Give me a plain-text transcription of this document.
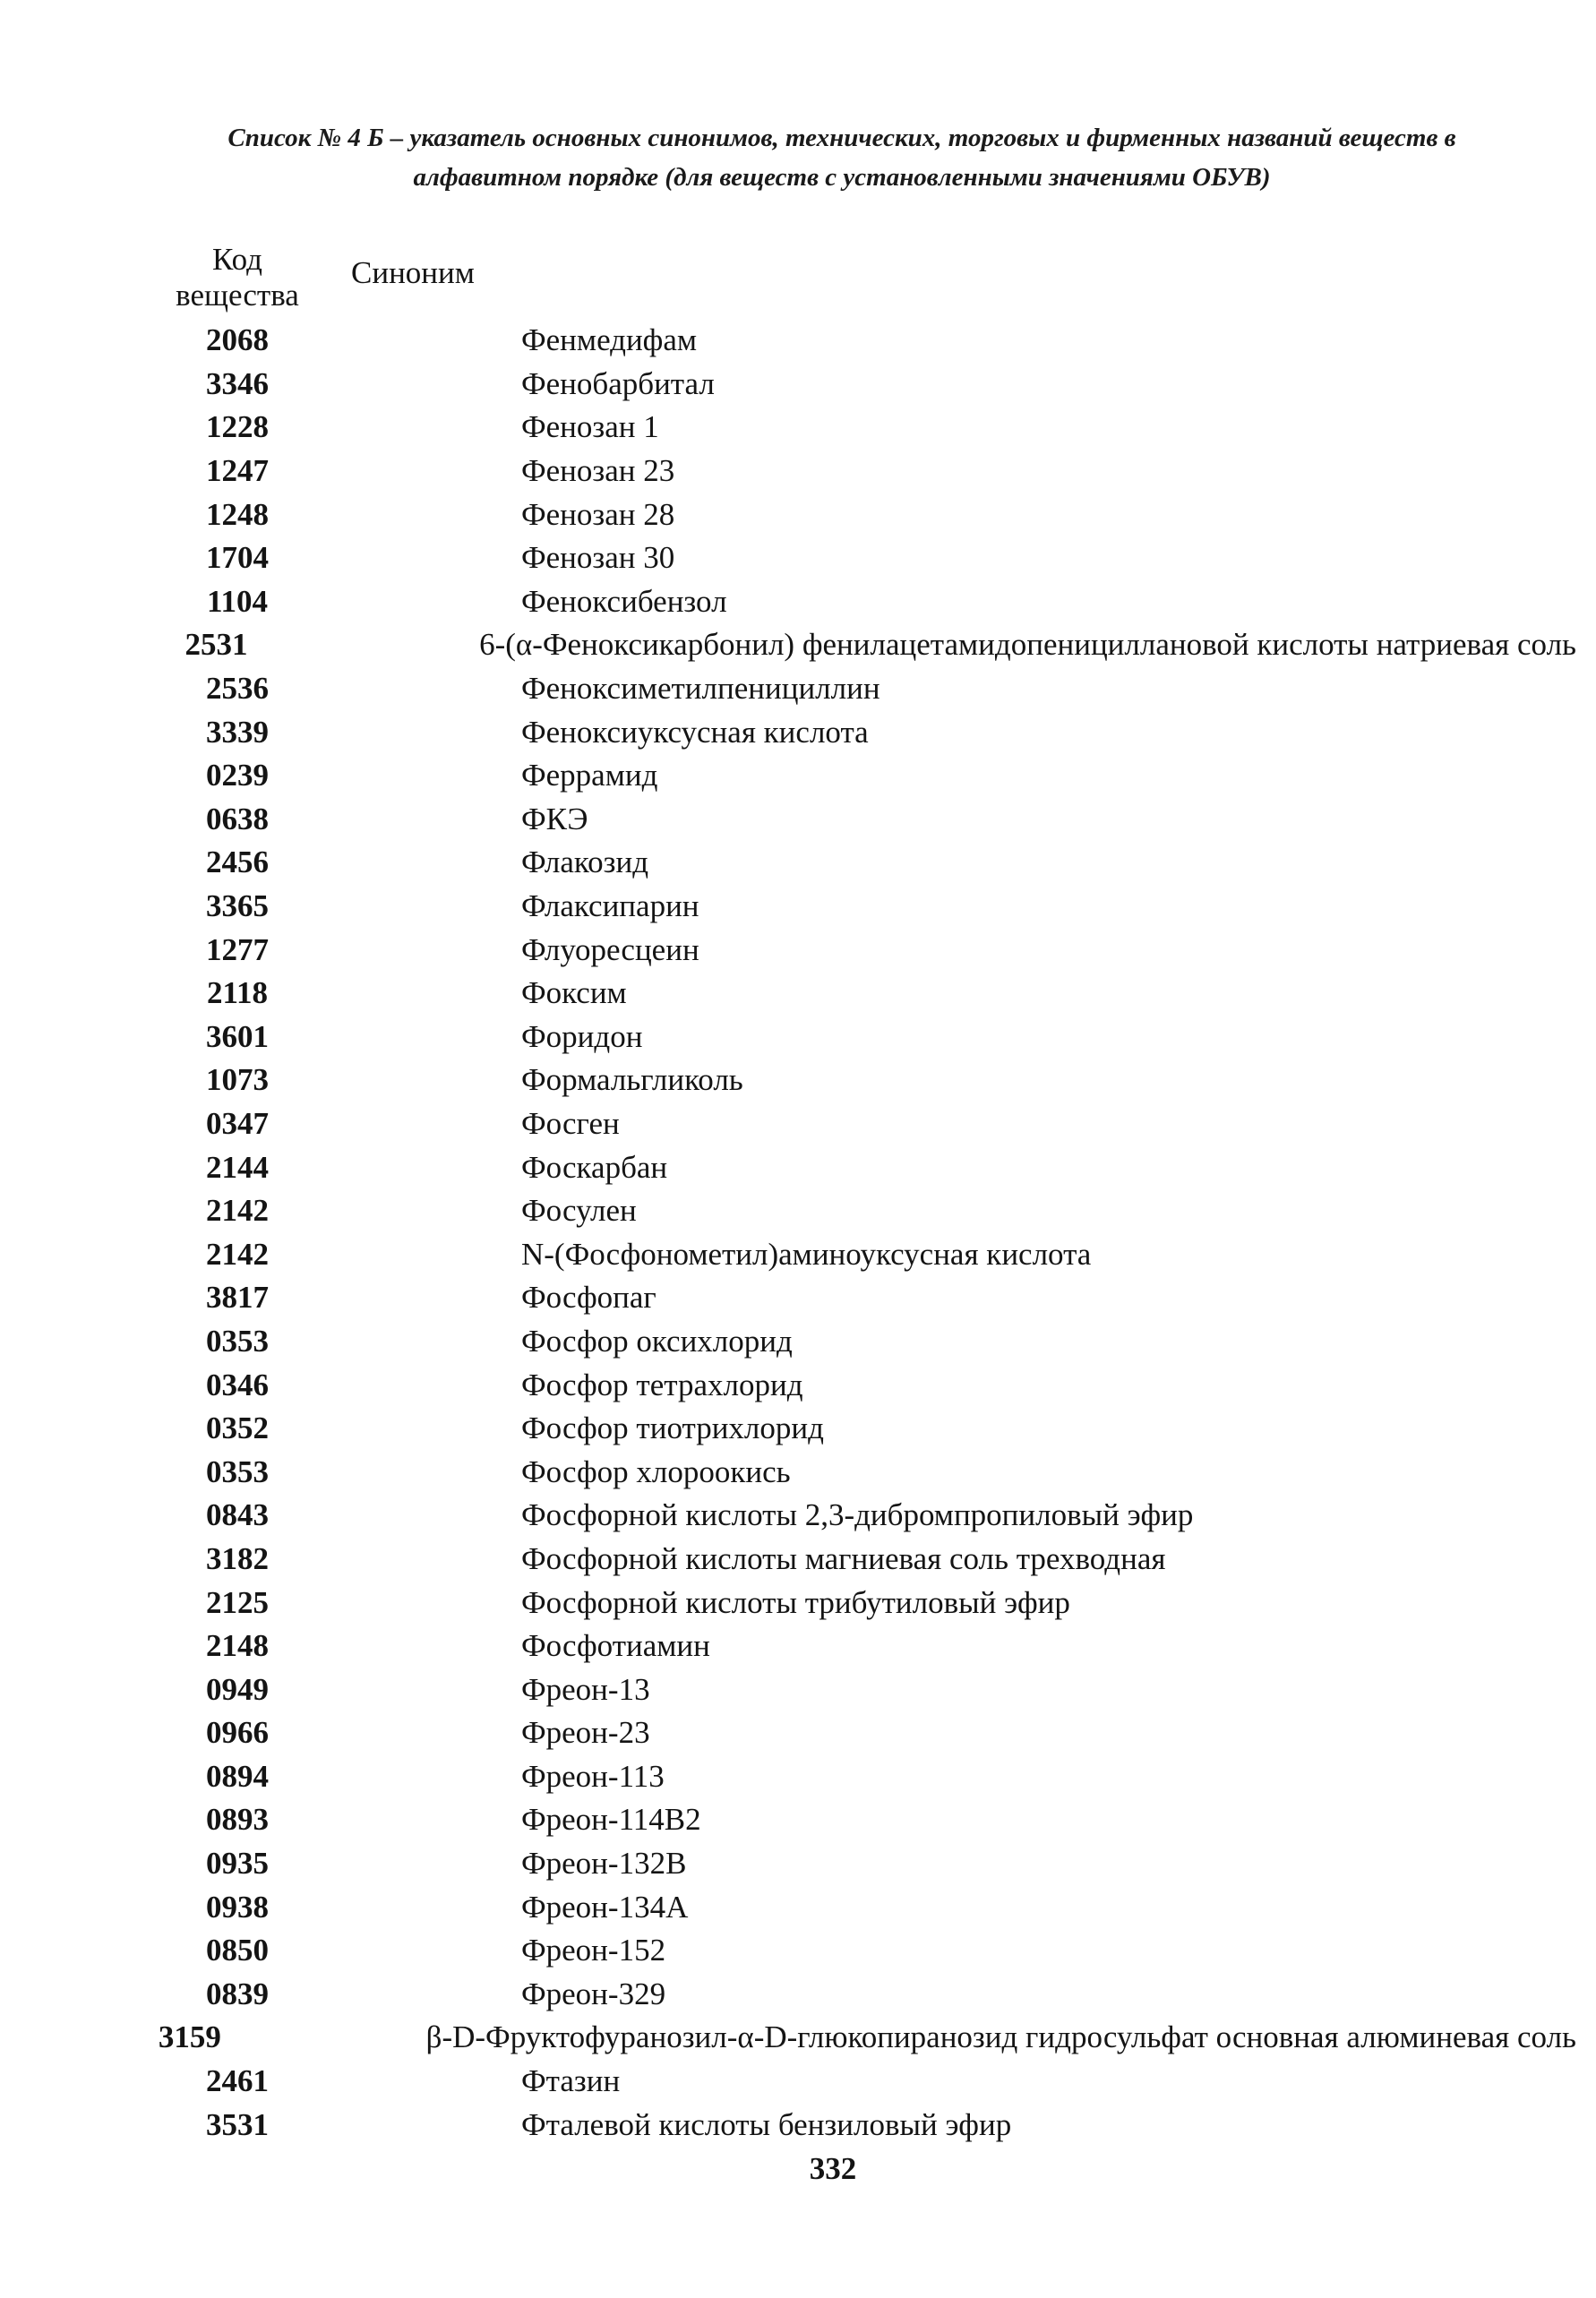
Список № 4 Б – указатель основных синонимов, технических, торговых и фирменных названий веществ в
алфавитном порядке (для веществ с установленными значениями ОБУВ)
Код
вещества
Синоним
2068	Фенмедифам
3346	Фенобарбитал
1228	Фенозан 1
1247	Фенозан 23
1248	Фенозан 28
1704	Фенозан 30
1104	Феноксибензол
2531	6-(α-Феноксикарбонил) фенилацетамидопенициллановой кислоты натриевая соль
2536	Феноксиметилпенициллин
3339	Феноксиуксусная кислота
0239	Феррамид
0638	ФКЭ
2456	Флакозид
3365	Флаксипарин
1277	Флуоресцеин
2118	Фоксим
3601	Форидон
1073	Формальгликоль
0347	Фосген
2144	Фоскарбан
2142	Фосулен
2142	N-(Фосфонометил)аминоуксусная кислота
3817	Фосфопаг
0353	Фосфор оксихлорид
0346	Фосфор тетрахлорид
0352	Фосфор тиотрихлорид
0353	Фосфор хлороокись
0843	Фосфорной кислоты 2,3-дибромпропиловый эфир
3182	Фосфорной кислоты магниевая соль трехводная
2125	Фосфорной кислоты трибутиловый эфир
2148	Фосфотиамин
0949	Фреон-13
0966	Фреон-23
0894	Фреон-113
0893	Фреон-114В2
0935	Фреон-132В
0938	Фреон-134А
0850	Фреон-152
0839	Фреон-329
3159	β-D-Фруктофуранозил-α-D-глюкопиранозид гидросульфат основная алюминевая соль
2461	Фтазин
3531	Фталевой кислоты бензиловый эфир
332
